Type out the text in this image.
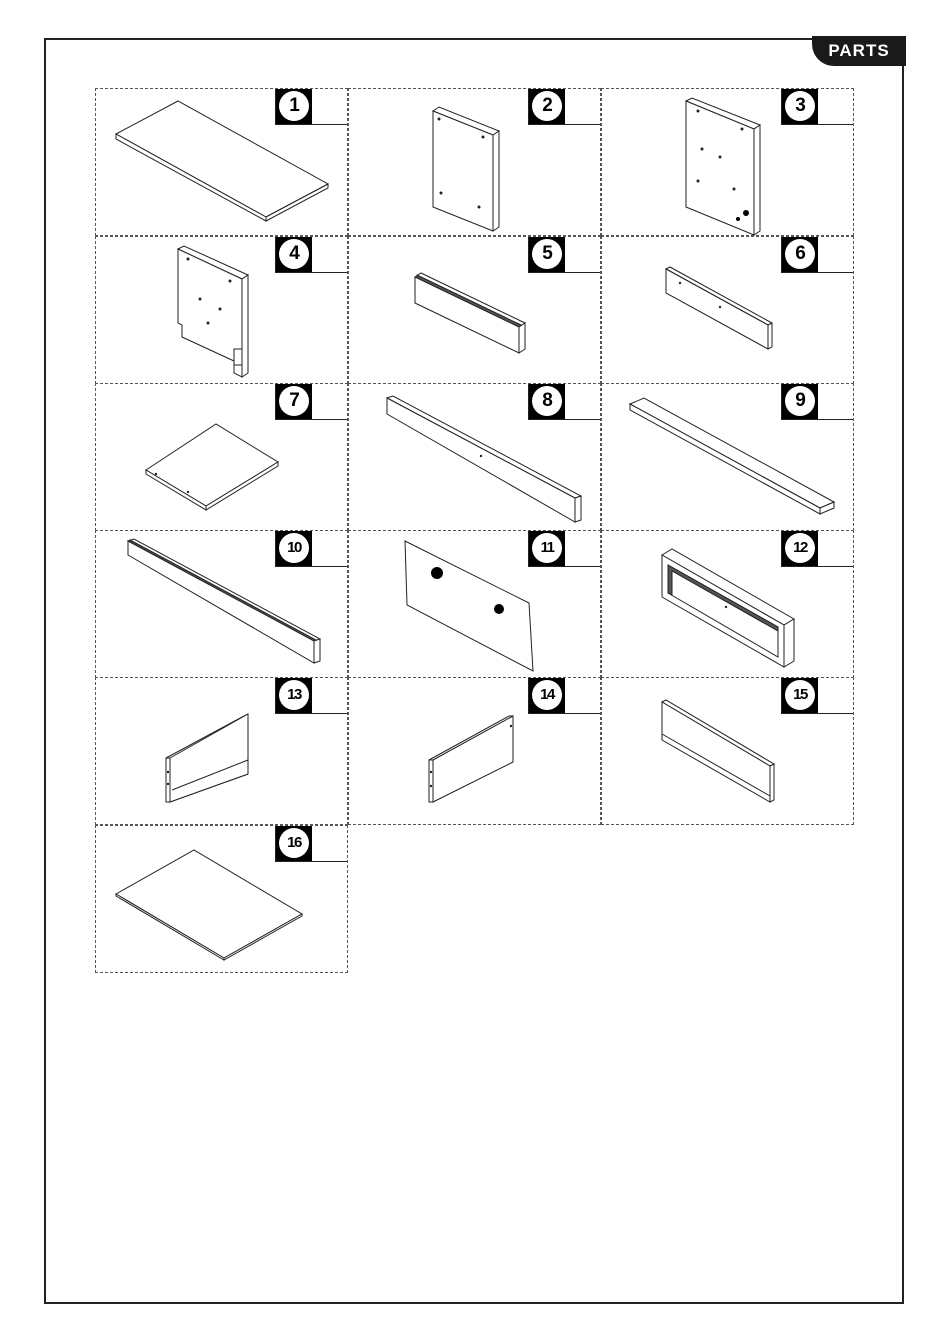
PARTS
1	2	3
4	5	6
7	8	9
10	11	12
13	14	15
16
